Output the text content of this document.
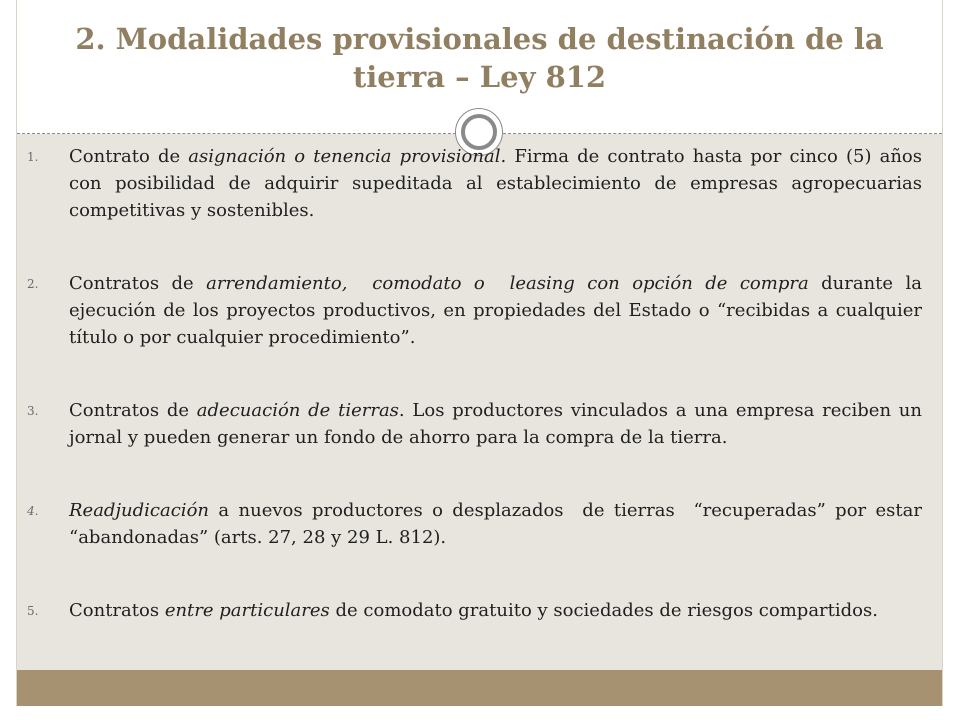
2. Modalidades provisionales de destinación de la tierra – Ley 812
1. Contrato de asignación o tenencia provisional. Firma de contrato hasta por cinco (5) años con posibilidad de adquirir supeditada al establecimiento de empresas agropecuarias competitivas y sostenibles.
2. Contratos de arrendamiento,  comodato o  leasing con opción de compra durante la ejecución de los proyectos productivos, en propiedades del Estado o “recibidas a cualquier título o por cualquier procedimiento”.
3. Contratos de adecuación de tierras. Los productores vinculados a una empresa reciben un jornal y pueden generar un fondo de ahorro para la compra de la tierra.
4. Readjudicación a nuevos productores o desplazados  de tierras  “recuperadas” por estar “abandonadas” (arts. 27, 28 y 29 L. 812).
5. Contratos entre particulares de comodato gratuito y sociedades de riesgos compartidos.
